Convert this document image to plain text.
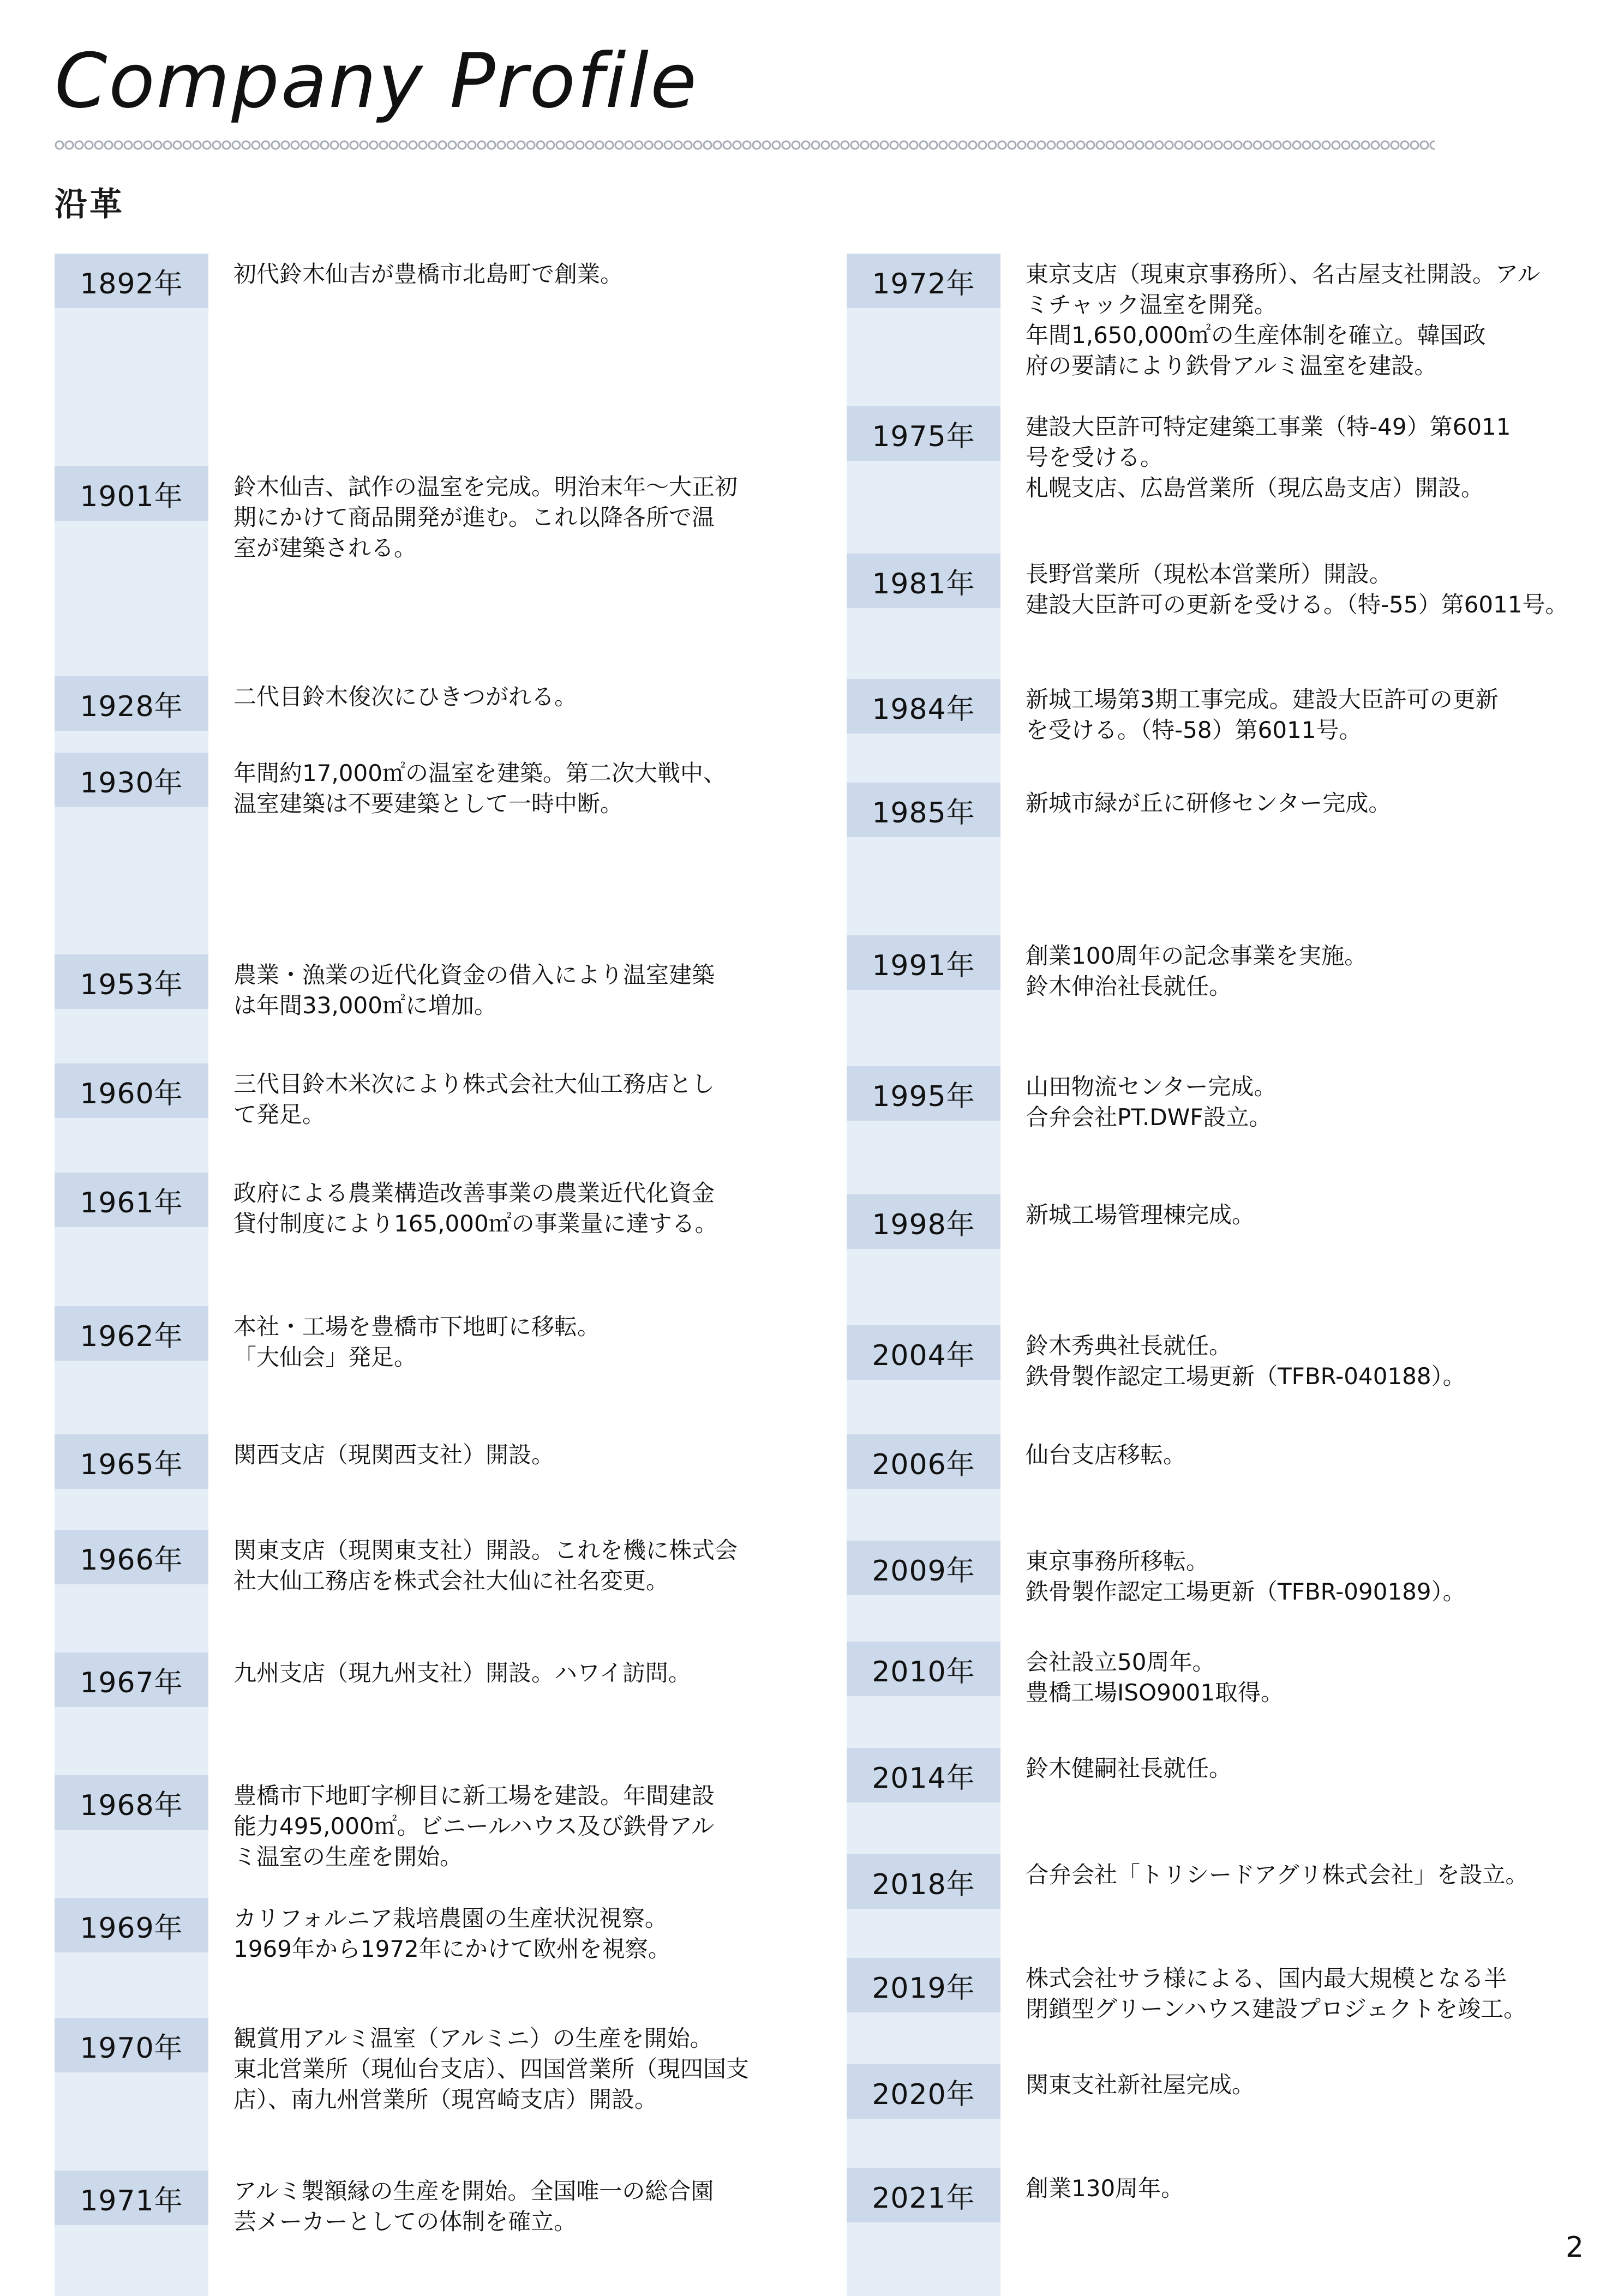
Company Profile
沿革
1892年	初代鈴木仙吉が豊橋市北島町で創業。
1901年	鈴木仙吉、試作の温室を完成。明治末年〜大正初
期にかけて商品開発が進む。これ以降各所で温
室が建築される。
1928年	二代目鈴木俊次にひきつがれる。
1930年	年間約17,000㎡の温室を建築。第二次大戦中、
温室建築は不要建築として一時中断。
1953年	農業・漁業の近代化資金の借入により温室建築
は年間33,000㎡に増加。
1960年	三代目鈴木米次により株式会社大仙工務店とし
て発足。
1961年	政府による農業構造改善事業の農業近代化資金
貸付制度により165,000㎡の事業量に達する。
1962年	本社・工場を豊橋市下地町に移転。
「大仙会」発足。
1965年	関西支店（現関西支社）開設。
1966年	関東支店（現関東支社）開設。これを機に株式会
社大仙工務店を株式会社大仙に社名変更。
1967年	九州支店（現九州支社）開設。ハワイ訪問。
1968年	豊橋市下地町字柳目に新工場を建設。年間建設
能力495,000㎡。ビニールハウス及び鉄骨アル
ミ温室の生産を開始。
1969年	カリフォルニア栽培農園の生産状況視察。
1969年から1972年にかけて欧州を視察。
1970年	観賞用アルミ温室（アルミニ）の生産を開始。
東北営業所（現仙台支店）、四国営業所（現四国支
店）、南九州営業所（現宮崎支店）開設。
1971年	アルミ製額縁の生産を開始。全国唯一の総合園
芸メーカーとしての体制を確立。
1972年	東京支店（現東京事務所）、名古屋支社開設。アル
ミチャック温室を開発。
年間1,650,000㎡の生産体制を確立。韓国政
府の要請により鉄骨アルミ温室を建設。
1975年	建設大臣許可特定建築工事業（特-49）第6011
号を受ける。
札幌支店、広島営業所（現広島支店）開設。
1981年	長野営業所（現松本営業所）開設。
建設大臣許可の更新を受ける。（特-55）第6011号。
1984年	新城工場第3期工事完成。建設大臣許可の更新
を受ける。（特-58）第6011号。
1985年	新城市緑が丘に研修センター完成。
1991年	創業100周年の記念事業を実施。
鈴木伸治社長就任。
1995年	山田物流センター完成。
合弁会社PT.DWF設立。
1998年	新城工場管理棟完成。
2004年	鈴木秀典社長就任。
鉄骨製作認定工場更新（TFBR-040188）。
2006年	仙台支店移転。
2009年	東京事務所移転。
鉄骨製作認定工場更新（TFBR-090189）。
2010年	会社設立50周年。
豊橋工場ISO9001取得。
2014年	鈴木健嗣社長就任。
2018年	合弁会社「トリシードアグリ株式会社」を設立。
2019年	株式会社サラ様による、国内最大規模となる半
閉鎖型グリーンハウス建設プロジェクトを竣工。
2020年	関東支社新社屋完成。
2021年	創業130周年。
2
